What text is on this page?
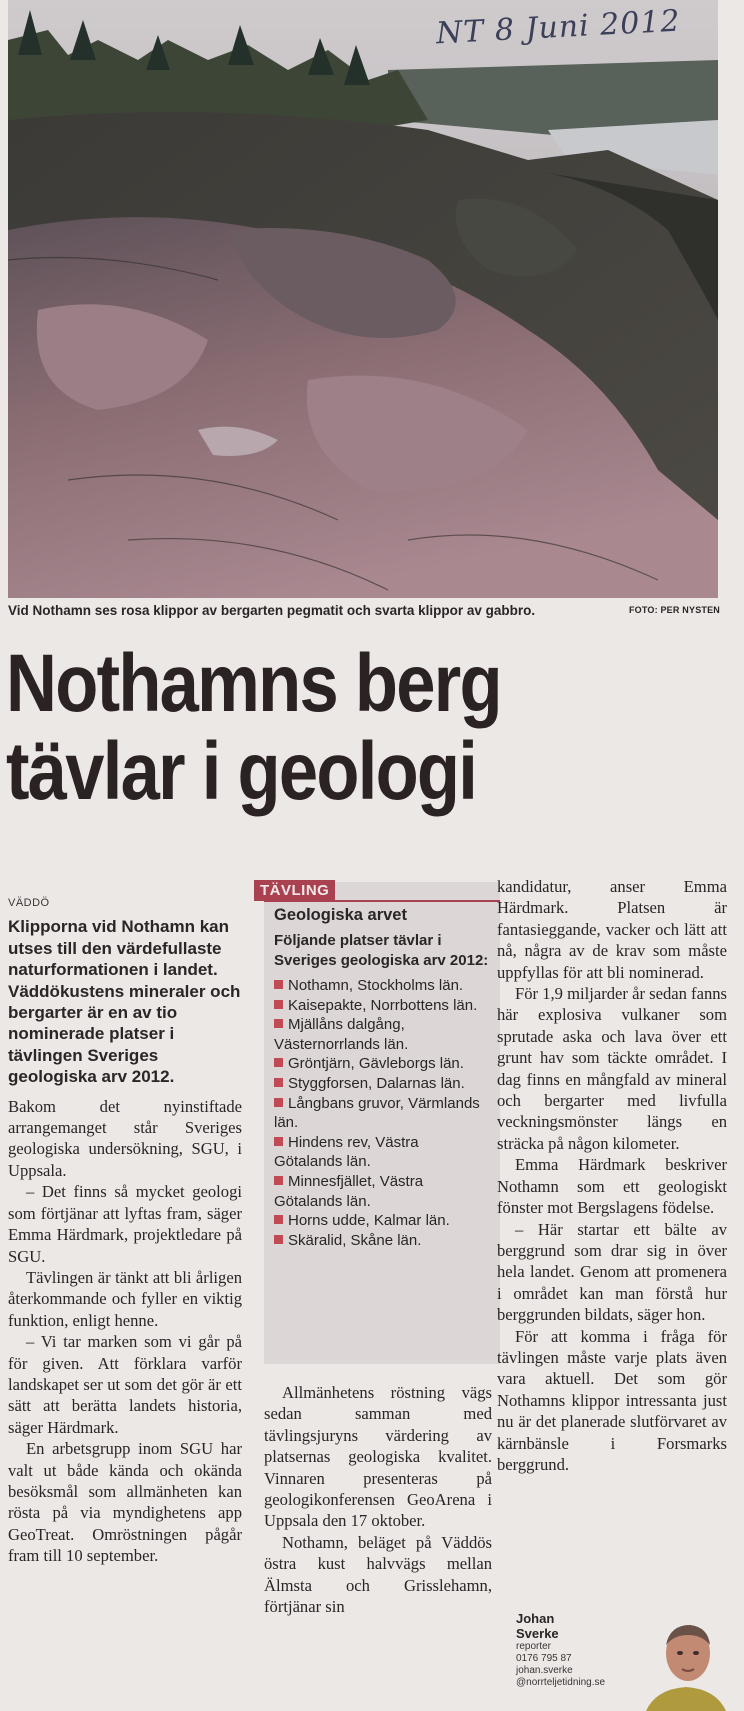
NT 8 Juni 2012
Vid Nothamn ses rosa klippor av bergarten pegmatit och svarta klippor av gabbro.	FOTO: PER NYSTEN
Nothamns berg
tävlar i geologi
VÄDDÖ

Klipporna vid Nothamn kan utses till den värdefullaste naturformationen i landet. Väddökustens mineraler och bergarter är en av tio nominerade platser i tävlingen Sveriges geologiska arv 2012.

Bakom det nyinstiftade arrangemanget står Sveriges geologiska undersökning, SGU, i Uppsala.

– Det finns så mycket geologi som förtjänar att lyftas fram, säger Emma Härdmark, projektledare på SGU.

Tävlingen är tänkt att bli årligen återkommande och fyller en viktig funktion, enligt henne.

– Vi tar marken som vi går på för given. Att förklara varför landskapet ser ut som det gör är ett sätt att berätta landets historia, säger Härdmark.

En arbetsgrupp inom SGU har valt ut både kända och okända besöksmål som allmänheten kan rösta på via myndighetens app GeoTreat. Omröstningen pågår fram till 10 september.

TÄVLING
Geologiska arvet
Följande platser tävlar i Sveriges geologiska arv 2012:
Nothamn, Stockholms län.
Kaisepakte, Norrbottens län.
Mjällåns dalgång, Västernorrlands län.
Gröntjärn, Gävleborgs län.
Styggforsen, Dalarnas län.
Långbans gruvor, Värmlands län.
Hindens rev, Västra Götalands län.
Minnesfjället, Västra Götalands län.
Horns udde, Kalmar län.
Skäralid, Skåne län.

Allmänhetens röstning vägs sedan samman med tävlingsjuryns värdering av platsernas geologiska kvalitet. Vinnaren presenteras på geologikonferensen GeoArena i Uppsala den 17 oktober.

Nothamn, beläget på Väddös östra kust halvvägs mellan Älmsta och Grisslehamn, förtjänar sin

kandidatur, anser Emma Härdmark. Platsen är fantasieggande, vacker och lätt att nå, några av de krav som måste uppfyllas för att bli nominerad.

För 1,9 miljarder år sedan fanns här explosiva vulkaner som sprutade aska och lava över ett grunt hav som täckte området. I dag finns en mångfald av mineral och bergarter med livfulla veckningsmönster längs en sträcka på någon kilometer.

Emma Härdmark beskriver Nothamn som ett geologiskt fönster mot Bergslagens födelse.

– Här startar ett bälte av berggrund som drar sig in över hela landet. Genom att promenera i området kan man förstå hur berggrunden bildats, säger hon.

För att komma i fråga för tävlingen måste varje plats även vara aktuell. Det som gör Nothamns klippor intressanta just nu är det planerade slutförvaret av kärnbänsle i Forsmarks berggrund.

Johan
Sverke
reporter
0176 795 87
johan.sverke
@norrteljetidning.se
